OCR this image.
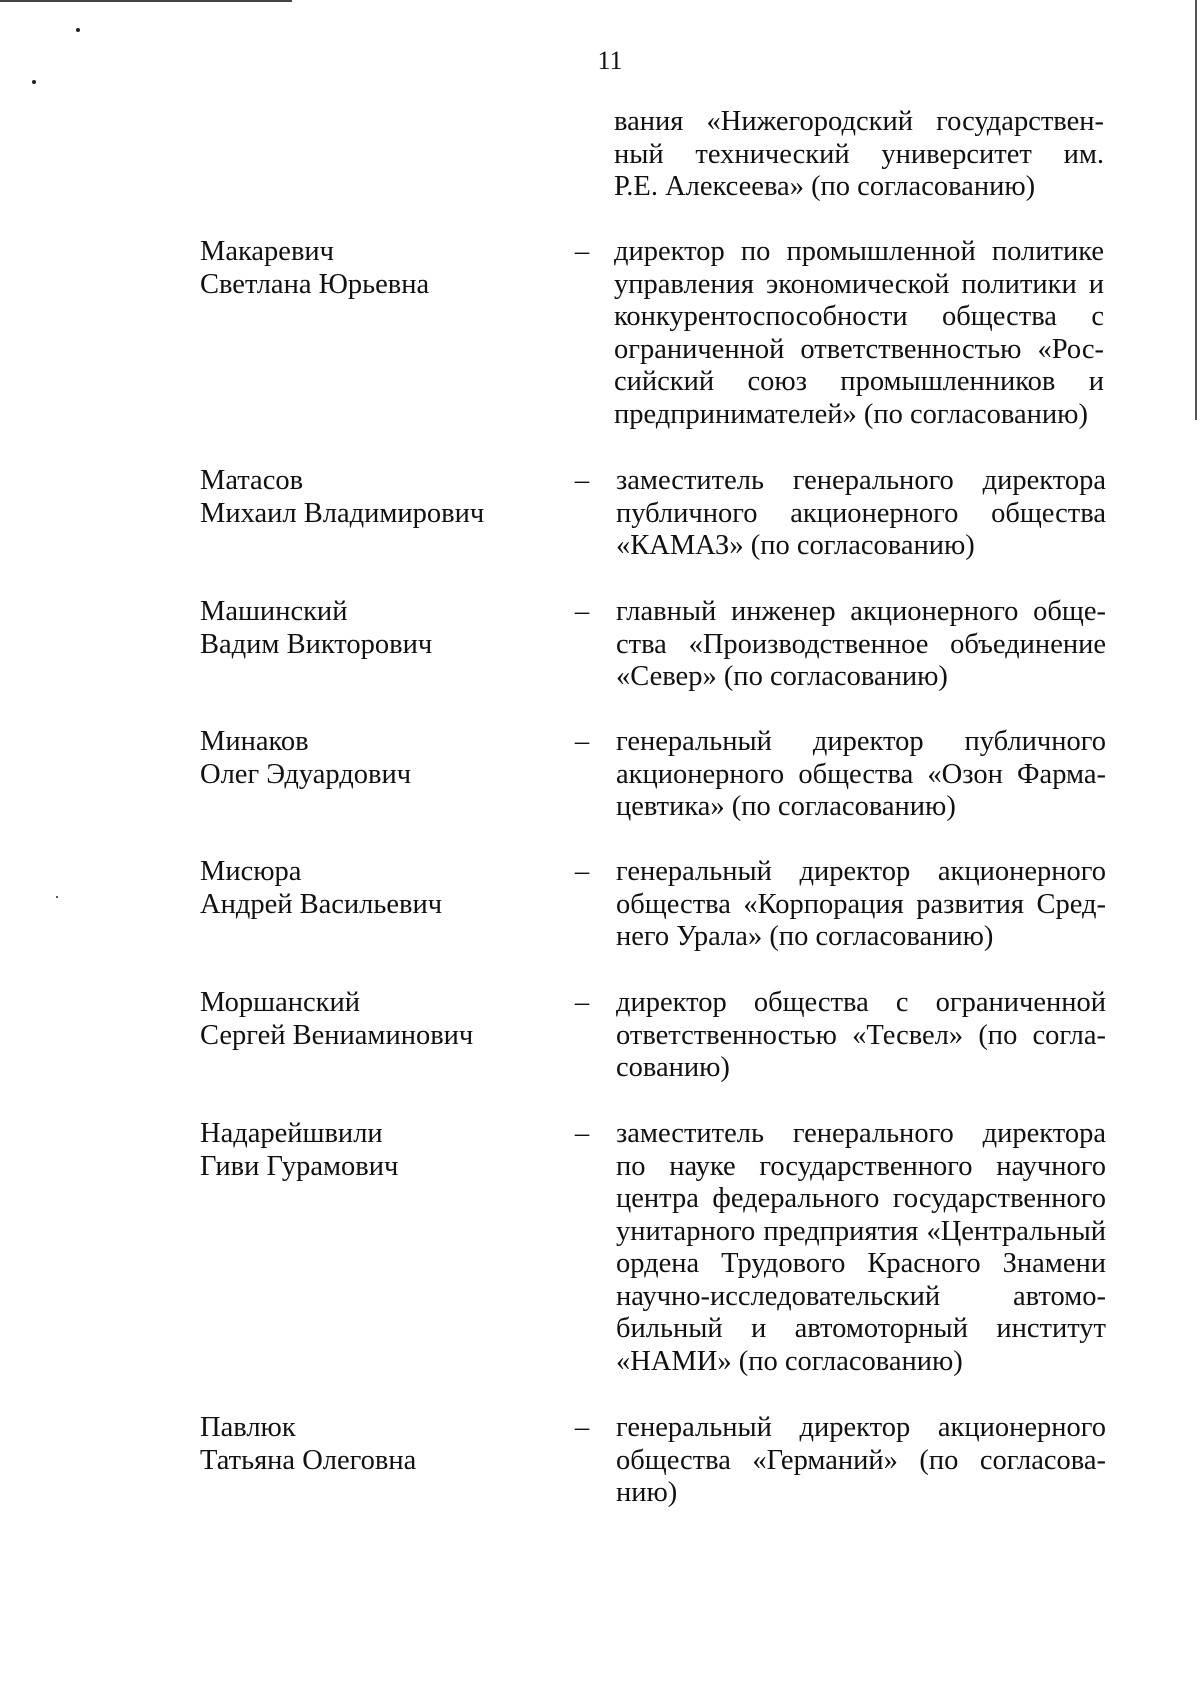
11
вания «Нижегородский государствен-
ный технический университет им.
Р.Е. Алексеева» (по согласованию)
Макаревич
Светлана Юрьевна
– директор по промышленной политике
управления экономической политики и
конкурентоспособности общества с
ограниченной ответственностью «Рос-
сийский союз промышленников и
предпринимателей» (по согласованию)
Матасов
Михаил Владимирович
– заместитель генерального директора
публичного акционерного общества
«КАМАЗ» (по согласованию)
Машинский
Вадим Викторович
– главный инженер акционерного обще-
ства «Производственное объединение
«Север» (по согласованию)
Минаков
Олег Эдуардович
– генеральный директор публичного
акционерного общества «Озон Фарма-
цевтика» (по согласованию)
Мисюра
Андрей Васильевич
– генеральный директор акционерного
общества «Корпорация развития Сред-
него Урала» (по согласованию)
Моршанский
Сергей Вениаминович
– директор общества с ограниченной
ответственностью «Тесвел» (по согла-
сованию)
Надарейшвили
Гиви Гурамович
– заместитель генерального директора
по науке государственного научного
центра федерального государственного
унитарного предприятия «Центральный
ордена Трудового Красного Знамени
научно-исследовательский автомо-
бильный и автомоторный институт
«НАМИ» (по согласованию)
Павлюк
Татьяна Олеговна
– генеральный директор акционерного
общества «Германий» (по согласова-
нию)
